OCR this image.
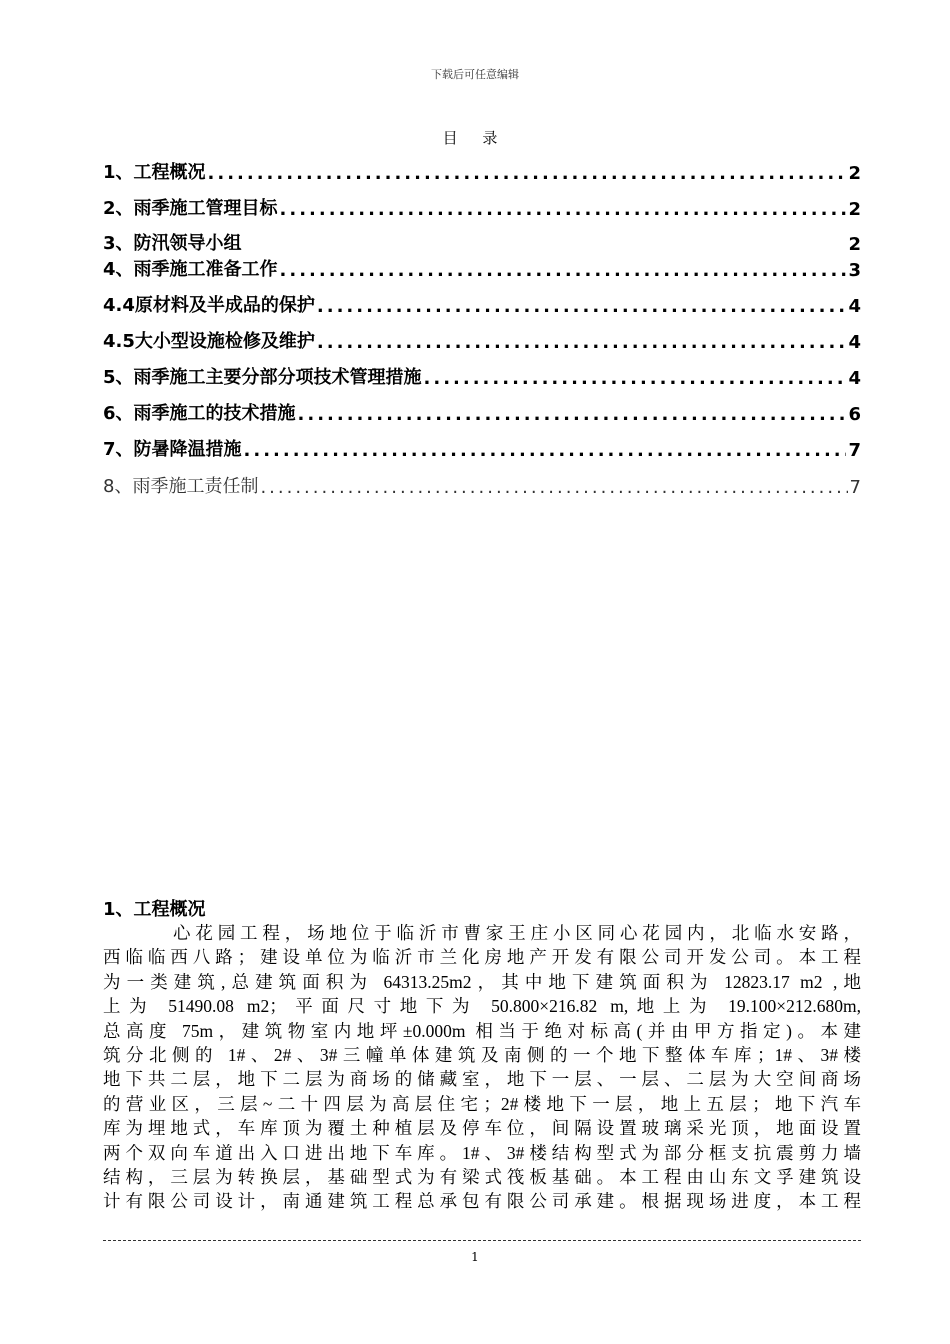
下载后可任意编辑
目 录
1、工程概况 .....	2
2、雨季施工管理目标 .....	2
3、防汛领导小组	2
4、雨季施工准备工作 .....	3
4.4原材料及半成品的保护 .....	4
4.5大小型设施检修及维护 .....	4
5、雨季施工主要分部分项技术管理措施 .....	4
6、雨季施工的技术措施 .....	6
7、防暑降温措施 .....	7
8、雨季施工责任制 .....	7
1、工程概况
心花园工程，场地位于临沂市曹家王庄小区同心花园内，北临水安路，
西临临西八路；建设单位为临沂市兰化房地产开发有限公司开发公司。本工程
为一类建筑,总建筑面积为 64313.25m2，其中地下建筑面积为 12823.17 m2 ,地
上为 51490.08 m2；平面尺寸地下为 50.800×216.82 m,地上为 19.100×212.680m,
总高度 75m，建筑物室内地坪±0.000m 相当于绝对标高(并由甲方指定)。本建
筑分北侧的 1#、2#、3#三幢单体建筑及南侧的一个地下整体车库；1#、3#楼
地下共二层，地下二层为商场的储藏室，地下一层、一层、二层为大空间商场
的营业区，三层~二十四层为高层住宅；2#楼地下一层，地上五层；地下汽车
库为埋地式，车库顶为覆土种植层及停车位，间隔设置玻璃采光顶，地面设置
两个双向车道出入口进出地下车库。1#、3#楼结构型式为部分框支抗震剪力墙
结构，三层为转换层，基础型式为有梁式筏板基础。本工程由山东文孚建筑设
计有限公司设计，南通建筑工程总承包有限公司承建。根据现场进度，本工程
1
